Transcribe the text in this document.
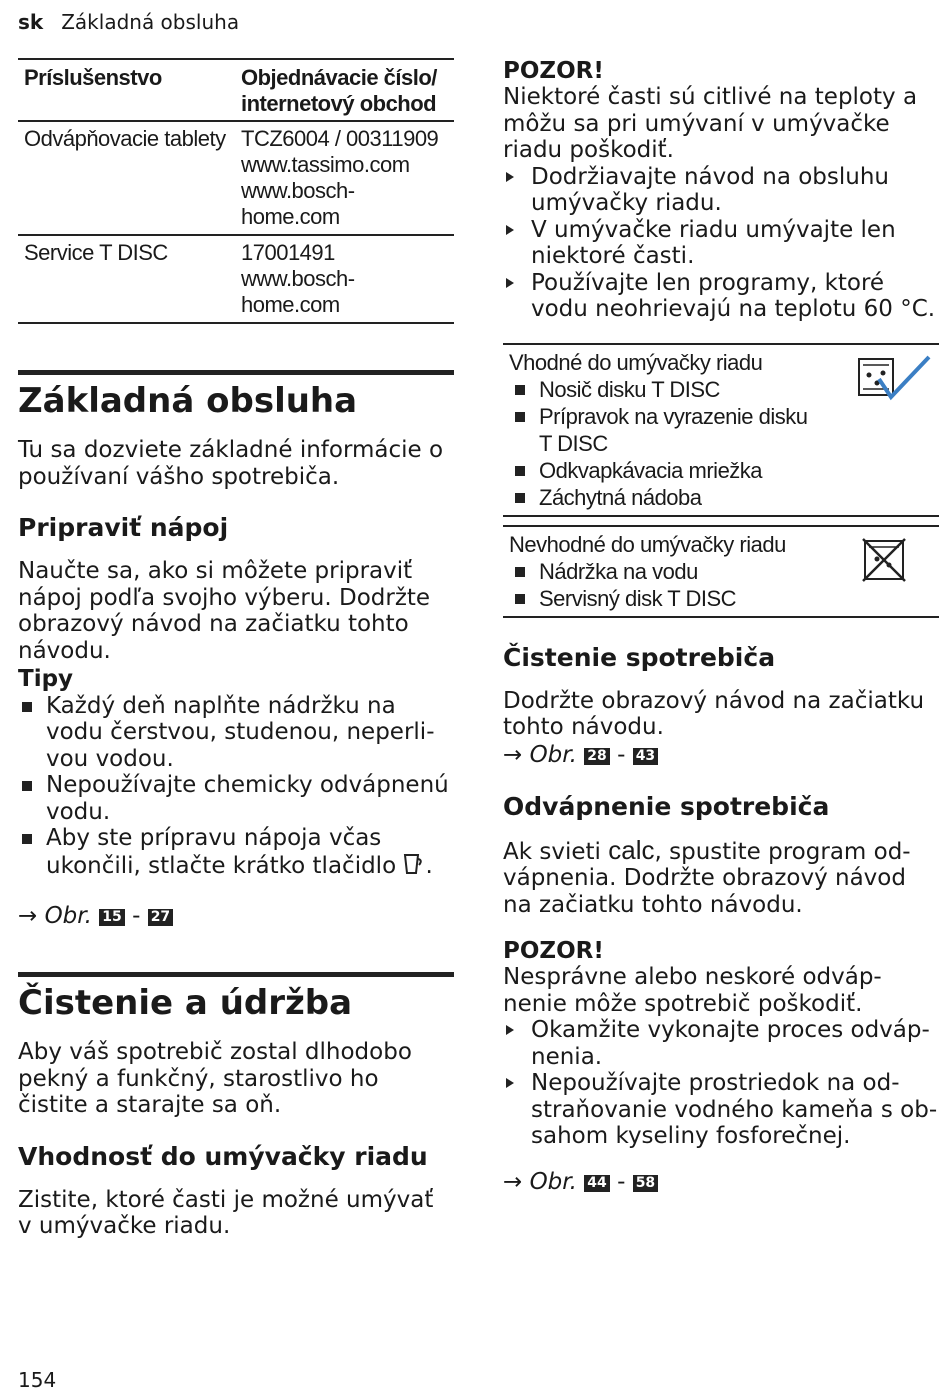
sk Základná obsluha
Príslušenstvo	Objednávacie číslo/ internetový obchod
Odvápňovacie tablety	TCZ6004 / 00311909
www.tassimo.com
www.bosch-home.com

Service T DISC	17001491
www.bosch-home.com
Základná obsluha

Tu sa dozviete základné informácie o používaní vášho spotrebiča.

Pripraviť nápoj

Naučte sa, ako si môžete pripraviť nápoj podľa svojho výberu. Dodržte obrazový návod na začiatku tohto návodu.

Tipy

Každý deň naplňte nádržku na vodu čerstvou, studenou, neperli-vou vodou.
Nepoužívajte chemicky odvápnenú vodu.
Aby ste prípravu nápoja včas ukončili, stlačte krátko tlačidlo .

→ Obr. 15 - 27

Čistenie a údržba

Aby váš spotrebič zostal dlhodobo pekný a funkčný, starostlivo ho čistite a starajte sa oň.

Vhodnosť do umývačky riadu

Zistite, ktoré časti je možné umývať v umývačke riadu.

POZOR!

Niektoré časti sú citlivé na teploty a môžu sa pri umývaní v umývačke riadu poškodiť.

Dodržiavajte návod na obsluhu umývačky riadu.
V umývačke riadu umývajte len niektoré časti.
Používajte len programy, ktoré vodu neohrievajú na teplotu 60 °C.
Vhodné do umývačky riadu
Nosič disku T DISC
Prípravok na vyrazenie disku T DISC
Odkvapkávacia mriežka
Záchytná nádoba
Nevhodné do umývačky riadu
Nádržka na vodu
Servisný disk T DISC
Čistenie spotrebiča

Dodržte obrazový návod na začiatku tohto návodu.

→ Obr. 28 - 43

Odvápnenie spotrebiča

Ak svieti calc, spustite program od-vápnenia. Dodržte obrazový návod na začiatku tohto návodu.

POZOR!

Nesprávne alebo neskoré odváp-nenie môže spotrebič poškodiť.

Okamžite vykonajte proces odváp-nenia.
Nepoužívajte prostriedok na od-straňovanie vodného kameňa s ob-sahom kyseliny fosforečnej.

→ Obr. 44 - 58

154
